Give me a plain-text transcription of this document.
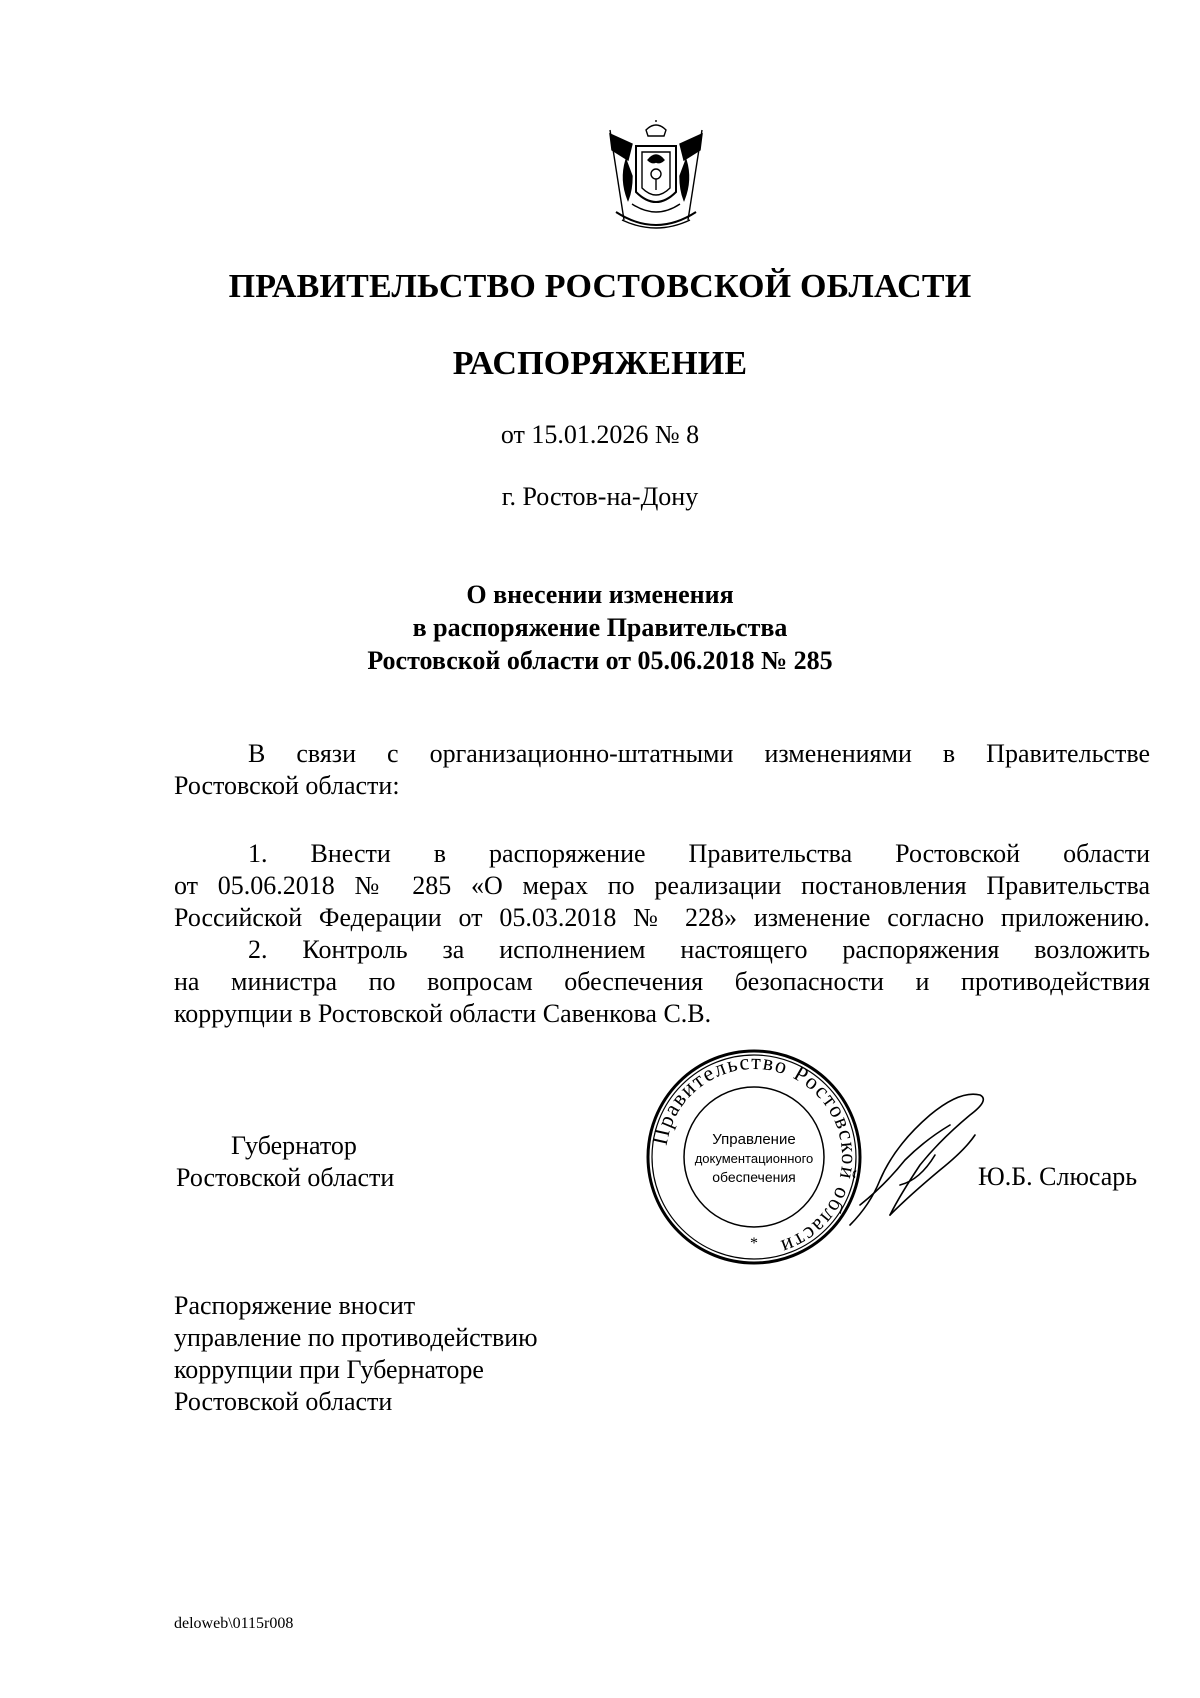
ПРАВИТЕЛЬСТВО РОСТОВСКОЙ ОБЛАСТИ
РАСПОРЯЖЕНИЕ
от 15.01.2026 № 8
г. Ростов-на-Дону
О внесении изменения
в распоряжение Правительства
Ростовской области от 05.06.2018 № 285
В связи с организационно-штатными изменениями в Правительстве
Ростовской области:
1. Внести в распоряжение Правительства Ростовской области
от 05.06.2018 № 285 «О мерах по реализации постановления Правительства
Российской Федерации от 05.03.2018 № 228» изменение согласно приложению.
2. Контроль за исполнением настоящего распоряжения возложить
на министра по вопросам обеспечения безопасности и противодействия
коррупции в Ростовской области Савенкова С.В.
Губернатор
Ростовской области
Правительство Ростовской области
Управление
документационного
обеспечения
*
Ю.Б. Слюсарь
Распоряжение вносит
управление по противодействию
коррупции при Губернаторе
Ростовской области
deloweb\0115r008
